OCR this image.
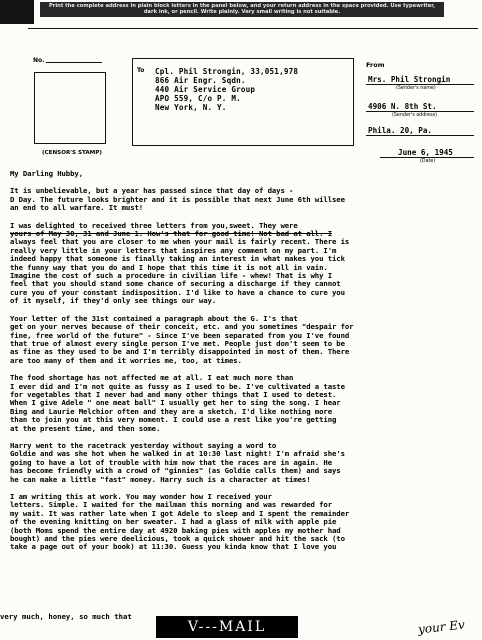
Print the complete address in plain block letters in the panel below, and your return address in the space provided. Use typewriter, dark ink, or pencil. Write plainly. Very small writing is not suitable.
No.
(CENSOR'S STAMP)
To Cpl. Phil Strongin, 33,051,978
866 Air Engr. Sqdn.
440 Air Service Group
APO 559, C/o P. M.
New York, N. Y.
From
Mrs. Phil Strongin
(Sender's name)
4906 N. 8th St.
(Sender's address)
Phila. 20, Pa.
June 6, 1945
(Date)

My Darling Hubby,

It is unbelievable, but a year has passed since that day of days -

D Day. The future looks brighter and it is possible that next June 6th willsee

an end to all warfare. It must!

I was delighted to received three letters from you,sweet. They were

yours of May 30, 31 and June 1. How's that for good time! Not bad at all. I

always feel that you are closer to me when your mail is fairly recent. There is

really very little in your letters that inspires any comment on my part. I'm

indeed happy that someone is finally taking an interest in what makes you tick

the funny way that you do and I hope that this time it is not all in vain.

Imagine the cost of such a procedure in civilian life - whew! That is why I

feel that you should stand some chance of securing a discharge if they cannot

cure you of your constant indisposition. I'd like to have a chance to cure you

of it myself, if they'd only see things our way.

Your letter of the 31st contained a paragraph about the G. I's that

get on your nerves because of their conceit, etc. and you sometimes "despair for

fine, free world of the future" - Since I've been separated from you I've found

that true of almost every single person I've met. People just don't seem to be

as fine as they used to be and I'm terribly disappointed in most of them. There

are too many of them and it worries me, too, at times.

The food shortage has not affected me at all. I eat much more than

I ever did and I'm not quite as fussy as I used to be. I've cultivated a taste

for vegetables that I never had and many other things that I used to detest.

When I give Adele " one meat ball" I usually get her to sing the song. I hear

Bing and Laurie Melchior often and they are a sketch. I'd like nothing more

than to join you at this very moment. I could use a rest like you're getting

at the present time, and then some.

Harry went to the racetrack yesterday without saying a word to

Goldie and was she hot when he walked in at 10:30 last night! I'm afraid she's

going to have a lot of trouble with him now that the races are in again. He

has become friendly with a crowd of "ginnies" (as Goldie calls them) and says

he can make a little "fast" money. Harry such is a character at times!

I am writing this at work. You may wonder how I received your

letters. Simple. I waited for the mailman this morning and was rewarded for

my wait. It was rather late when I got Adele to sleep and I spent the remainder

of the evening knitting on her sweater. I had a glass of milk with apple pie

(both Moms spend the entire day at 4920 baking pies with apples my mother had

bought) and the pies were deelicious, took a quick shower and hit the sack (to

take a page out of your book) at 11:30. Guess you kinda know that I love you

very much, honey, so much that
V---MAIL	your Ev
